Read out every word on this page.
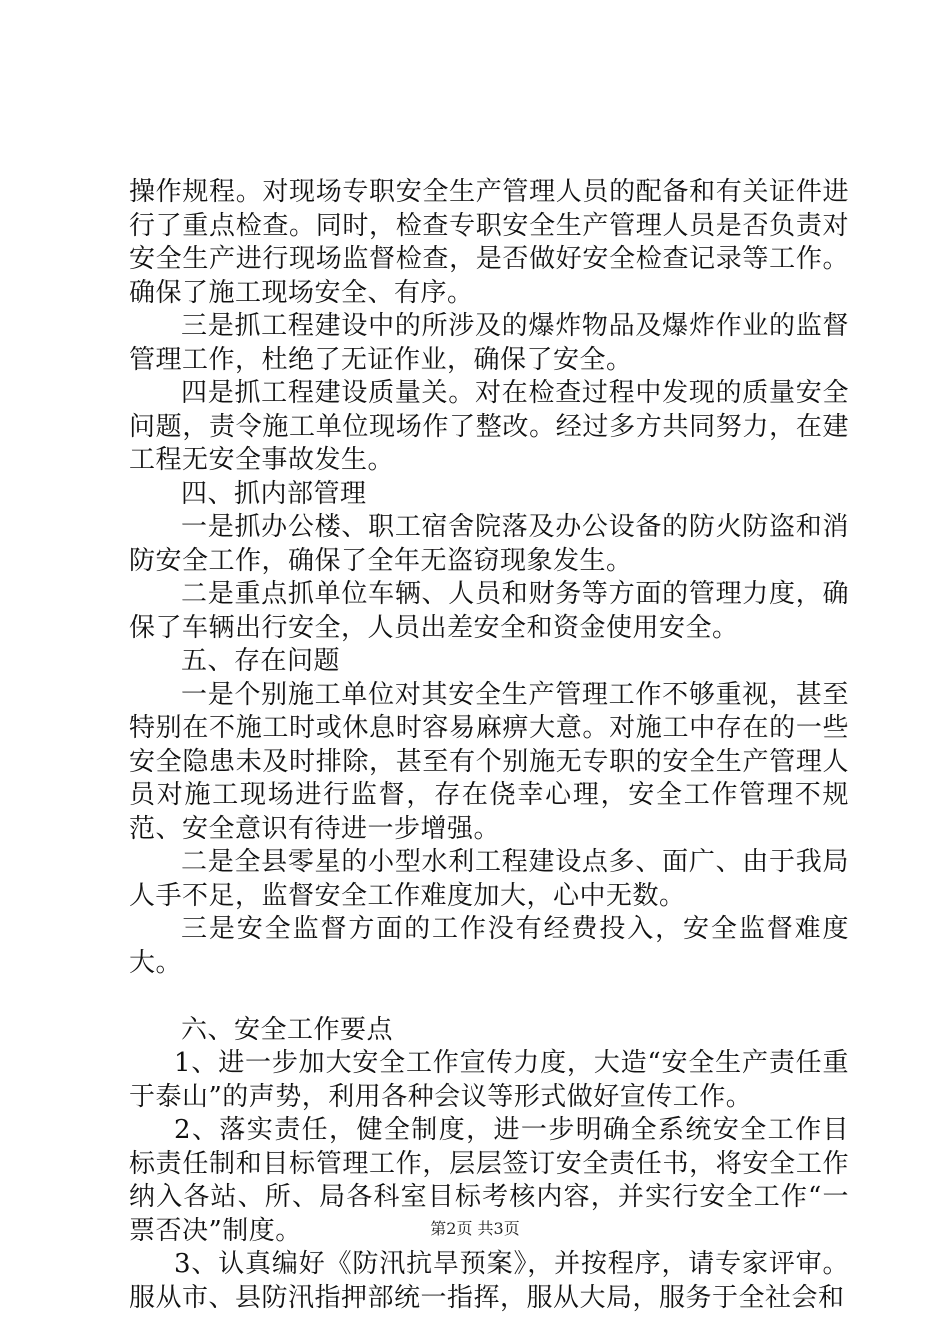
操作规程。对现场专职安全生产管理人员的配备和有关证件进行了重点检查。同时，检查专职安全生产管理人员是否负责对安全生产进行现场监督检查，是否做好安全检查记录等工作。确保了施工现场安全、有序。

三是抓工程建设中的所涉及的爆炸物品及爆炸作业的监督管理工作，杜绝了无证作业，确保了安全。

四是抓工程建设质量关。对在检查过程中发现的质量安全问题，责令施工单位现场作了整改。经过多方共同努力，在建工程无安全事故发生。

四、抓内部管理

一是抓办公楼、职工宿舍院落及办公设备的防火防盗和消防安全工作，确保了全年无盗窃现象发生。

二是重点抓单位车辆、人员和财务等方面的管理力度，确保了车辆出行安全，人员出差安全和资金使用安全。

五、存在问题

一是个别施工单位对其安全生产管理工作不够重视，甚至特别在不施工时或休息时容易麻痹大意。对施工中存在的一些安全隐患未及时排除，甚至有个别施无专职的安全生产管理人员对施工现场进行监督，存在侥幸心理，安全工作管理不规范、安全意识有待进一步增强。

二是全县零星的小型水利工程建设点多、面广、由于我局人手不足，监督安全工作难度加大，心中无数。

三是安全监督方面的工作没有经费投入，安全监督难度大。

六、安全工作要点

1、进一步加大安全工作宣传力度，大造“安全生产责任重于泰山”的声势，利用各种会议等形式做好宣传工作。

2、落实责任，健全制度，进一步明确全系统安全工作目标责任制和目标管理工作，层层签订安全责任书，将安全工作纳入各站、所、局各科室目标考核内容，并实行安全工作“一票否决”制度。

3、认真编好《防汛抗旱预案》，并按程序，请专家评审。服从市、县防汛指押部统一指挥，服从大局，服务于全社会和

第2页 共3页
